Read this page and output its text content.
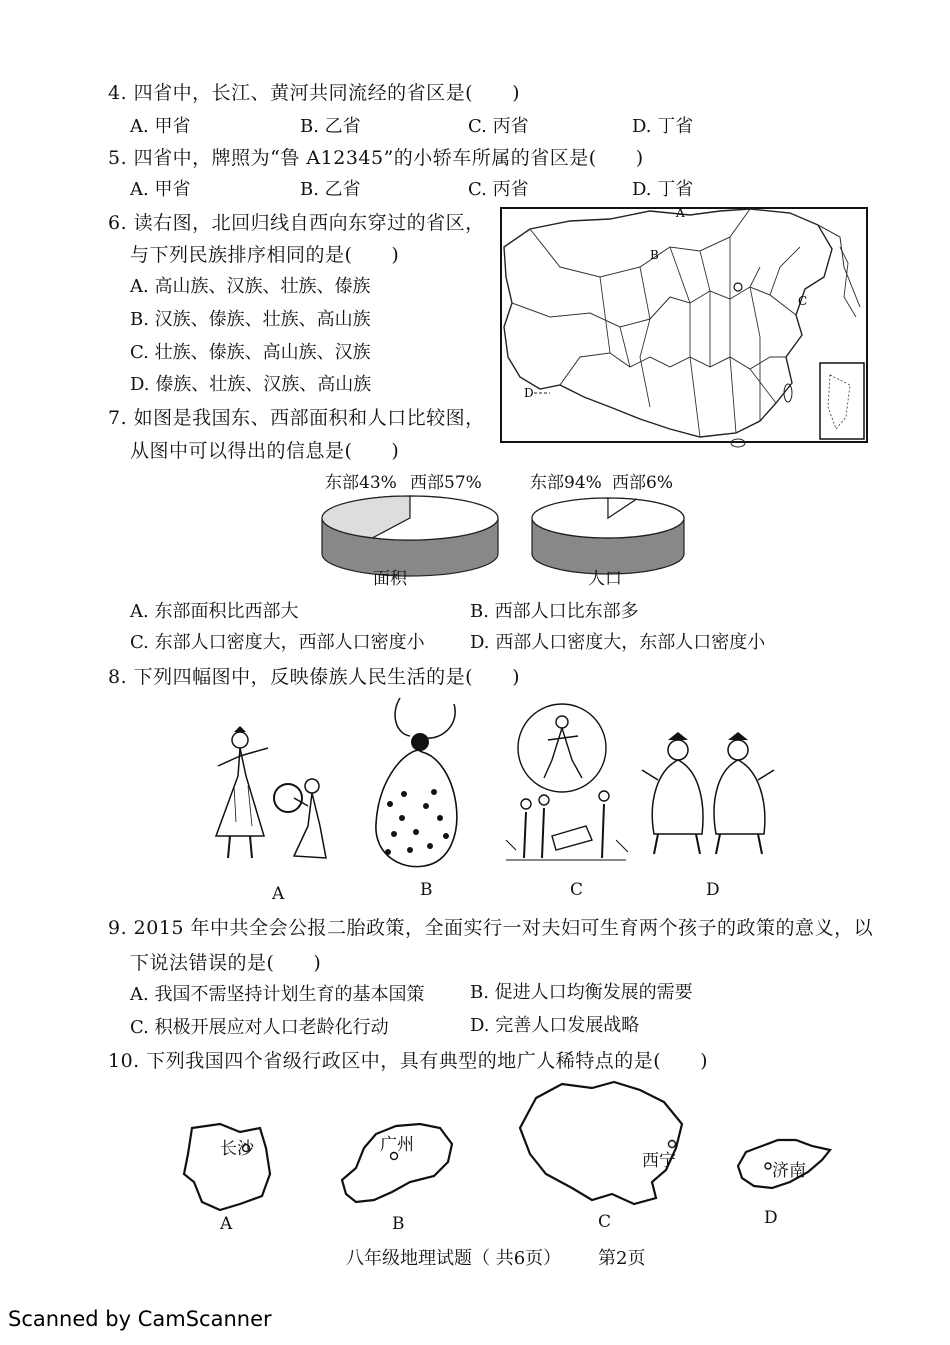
4. 四省中，长江、黄河共同流经的省区是(　　)
A. 甲省	B. 乙省	C. 丙省	D. 丁省
5. 四省中，牌照为“鲁 A12345”的小轿车所属的省区是(　　)
A. 甲省	B. 乙省	C. 丙省	D. 丁省
6. 读右图，北回归线自西向东穿过的省区，
与下列民族排序相同的是(　　)
A. 高山族、汉族、壮族、傣族
B. 汉族、傣族、壮族、高山族
C. 壮族、傣族、高山族、汉族
D. 傣族、壮族、汉族、高山族
A
B
C
D
7. 如图是我国东、西部面积和人口比较图，
从图中可以得出的信息是(　　)
东部43% 西部57%	东部94% 西部6%
面积	人口
A. 东部面积比西部大	B. 西部人口比东部多
C. 东部人口密度大，西部人口密度小	D. 西部人口密度大，东部人口密度小
8. 下列四幅图中，反映傣族人民生活的是(　　)
A	B	C	D
9. 2015 年中共全会公报二胎政策，全面实行一对夫妇可生育两个孩子的政策的意义，以
下说法错误的是(　　)
A. 我国不需坚持计划生育的基本国策	B. 促进人口均衡发展的需要
C. 积极开展应对人口老龄化行动	D. 完善人口发展战略
10. 下列我国四个省级行政区中，具有典型的地广人稀特点的是(　　)
长沙	广州
西宁	济南
A	B	C	D
八年级地理试题（ 共6页） 第2页
Scanned by CamScanner
